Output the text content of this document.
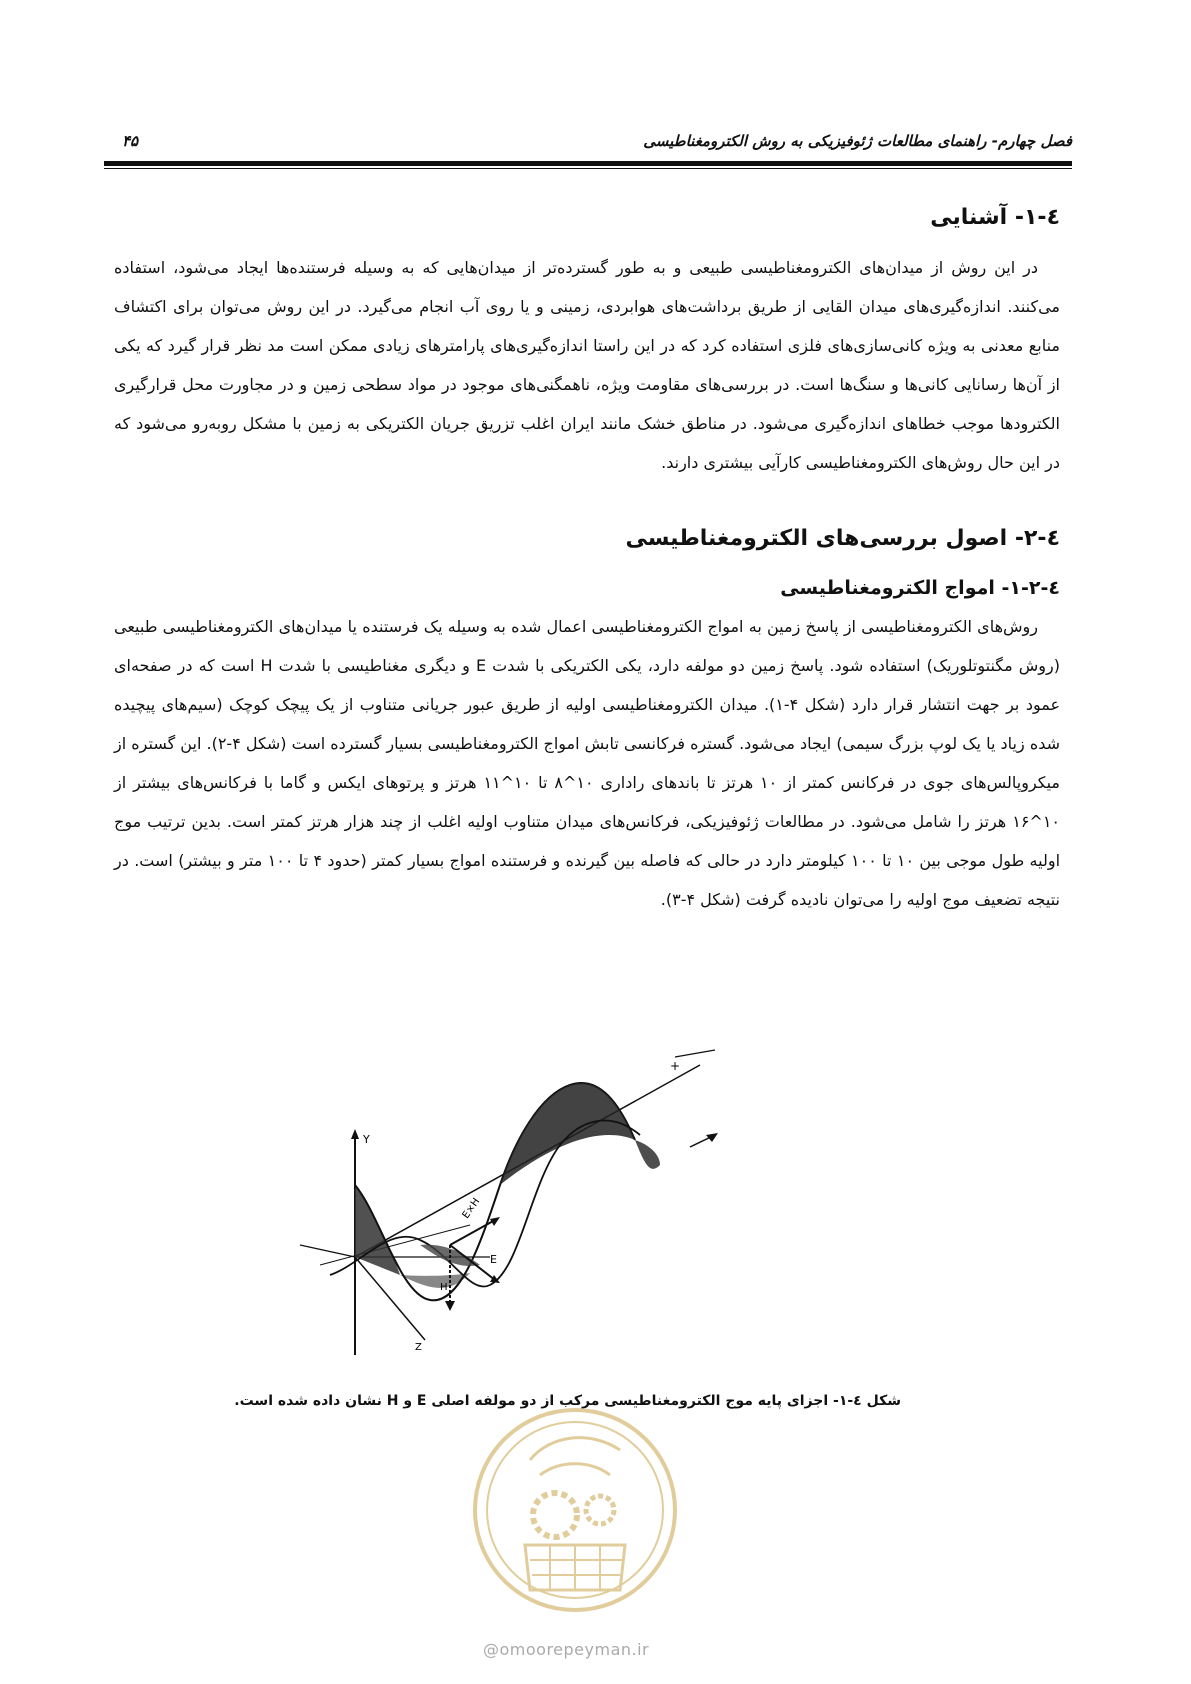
فصل چهارم- راهنمای مطالعات ژئوفیزیکی به روش الکترومغناطیسی
۴۵
٤-١- آشنایی

در این روش از میدان‌های الکترومغناطیسی طبیعی و به طور گسترده‌تر از میدان‌هایی که به وسیله فرستنده‌ها ایجاد می‌شود، استفاده می‌کنند. اندازه‌گیری‌های میدان القایی از طریق برداشت‌های هوابردی، زمینی و یا روی آب انجام می‌گیرد. در این روش می‌توان برای اکتشاف منابع معدنی به ویژه کانی‌سازی‌های فلزی استفاده کرد که در این راستا اندازه‌گیری‌های پارامترهای زیادی ممکن است مد نظر قرار گیرد که یکی از آن‌ها رسانایی کانی‌ها و سنگ‌ها است. در بررسی‌های مقاومت ویژه، ناهمگنی‌های موجود در مواد سطحی زمین و در مجاورت محل قرارگیری الکترودها موجب خطاهای اندازه‌گیری می‌شود. در مناطق خشک مانند ایران اغلب تزریق جریان الکتریکی به زمین با مشکل روبه‌رو می‌شود که در این حال روش‌های الکترومغناطیسی کارآیی بیشتری دارند.

٤-٢- اصول بررسی‌های الکترومغناطیسی
٤-٢-١- امواج الکترومغناطیسی

روش‌های الکترومغناطیسی از پاسخ زمین به امواج الکترومغناطیسی اعمال شده به وسیله یک فرستنده یا میدان‌های الکترومغناطیسی طبیعی (روش مگنتوتلوریک) استفاده شود. پاسخ زمین دو مولفه دارد، یکی الکتریکی با شدت E و دیگری مغناطیسی با شدت H است که در صفحه‌ای عمود بر جهت انتشار قرار دارد (شکل ۴-۱). میدان الکترومغناطیسی اولیه از طریق عبور جریانی متناوب از یک پیچک کوچک (سیم‌های پیچیده شده زیاد یا یک لوپ بزرگ سیمی) ایجاد می‌شود. گستره فرکانسی تابش امواج الکترومغناطیسی بسیار گسترده است (شکل ۴-۲). این گستره از میکروپالس‌های جوی در فرکانس کمتر از ۱۰ هرتز تا باندهای راداری ۱۰^۸ تا ۱۰^۱۱ هرتز و پرتوهای ایکس و گاما با فرکانس‌های بیشتر از ۱۰^۱۶ هرتز را شامل می‌شود. در مطالعات ژئوفیزیکی، فرکانس‌های میدان متناوب اولیه اغلب از چند هزار هرتز کمتر است. بدین ترتیب موج اولیه طول موجی بین ۱۰ تا ۱۰۰ کیلومتر دارد در حالی که فاصله بین گیرنده و فرستنده امواج بسیار کمتر (حدود ۴ تا ۱۰۰ متر و بیشتر) است. در نتیجه تضعیف موج اولیه را می‌توان نادیده گرفت (شکل ۴-۳).

Y
Z
+
H
E
E×H
شکل ٤-١- اجزای پایه موج الکترومغناطیسی مرکب از دو مولفه اصلی E و H نشان داده شده است.
@omoorepeyman.ir
